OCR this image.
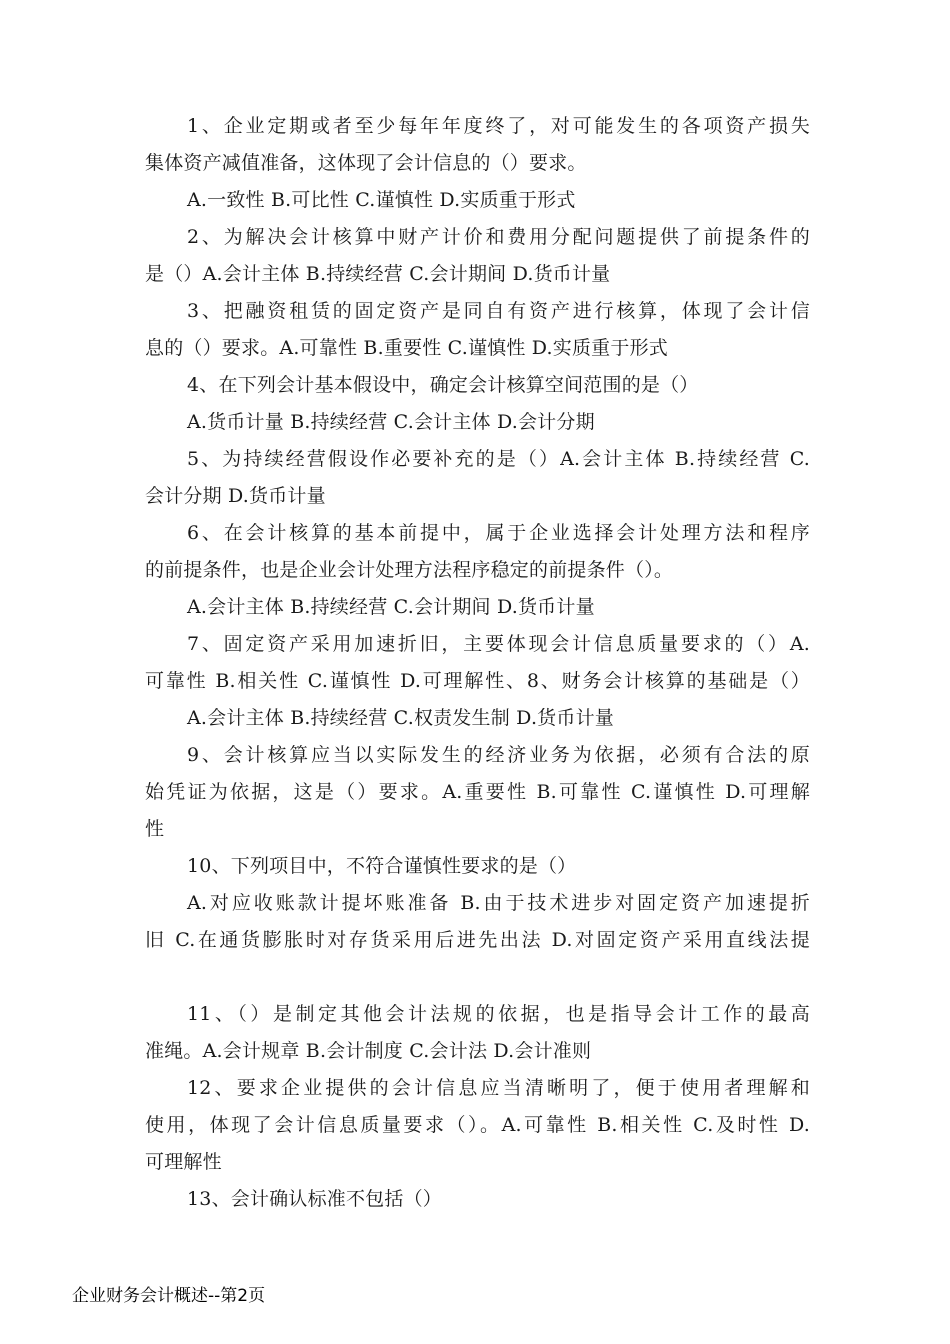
1、企业定期或者至少每年年度终了，对可能发生的各项资产损失
集体资产减值准备，这体现了会计信息的（）要求。
A.一致性 B.可比性 C.谨慎性 D.实质重于形式
2、为解决会计核算中财产计价和费用分配问题提供了前提条件的
是（）A.会计主体 B.持续经营 C.会计期间 D.货币计量
3、把融资租赁的固定资产是同自有资产进行核算，体现了会计信
息的（）要求。A.可靠性 B.重要性 C.谨慎性 D.实质重于形式
4、在下列会计基本假设中，确定会计核算空间范围的是（）
A.货币计量 B.持续经营 C.会计主体 D.会计分期
5、为持续经营假设作必要补充的是（）A.会计主体 B.持续经营 C.
会计分期 D.货币计量
6、在会计核算的基本前提中，属于企业选择会计处理方法和程序
的前提条件，也是企业会计处理方法程序稳定的前提条件（）。
A.会计主体 B.持续经营 C.会计期间 D.货币计量
7、固定资产采用加速折旧，主要体现会计信息质量要求的（）A.
可靠性 B.相关性 C.谨慎性 D.可理解性、8、财务会计核算的基础是（）
A.会计主体 B.持续经营 C.权责发生制 D.货币计量
9、会计核算应当以实际发生的经济业务为依据，必须有合法的原
始凭证为依据，这是（）要求。A.重要性 B.可靠性 C.谨慎性 D.可理解
性
10、下列项目中，不符合谨慎性要求的是（）
A.对应收账款计提坏账准备 B.由于技术进步对固定资产加速提折
旧 C.在通货膨胀时对存货采用后进先出法 D.对固定资产采用直线法提
11、（）是制定其他会计法规的依据，也是指导会计工作的最高
准绳。A.会计规章 B.会计制度 C.会计法 D.会计准则
12、要求企业提供的会计信息应当清晰明了，便于使用者理解和
使用，体现了会计信息质量要求（）。A.可靠性 B.相关性 C.及时性 D.
可理解性
13、会计确认标准不包括（）
企业财务会计概述--第2页
